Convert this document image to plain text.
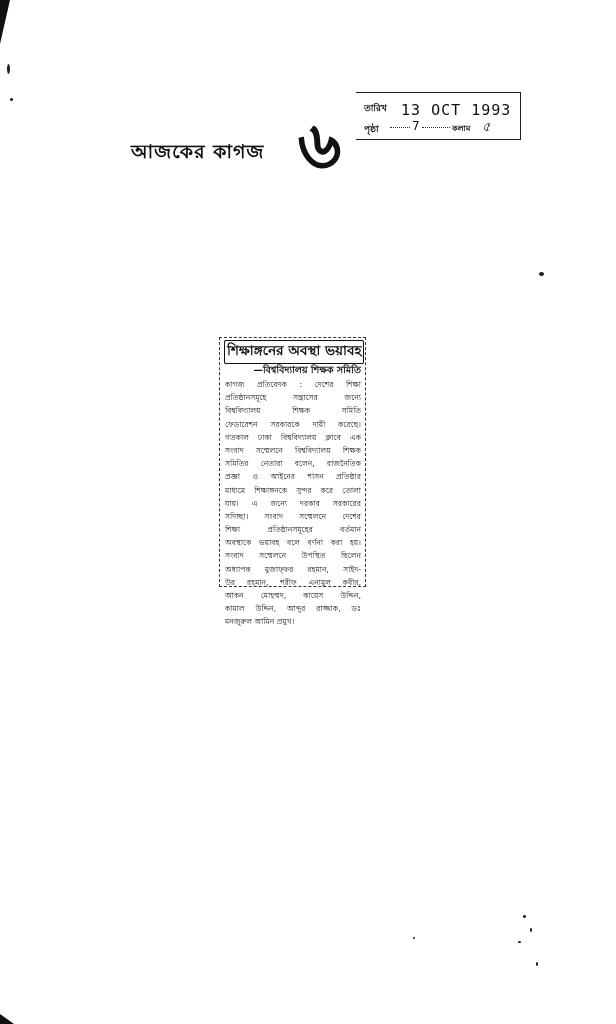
আজকের কাগজ ৬ তারিখ 13 OCT 1993
পৃষ্ঠা	7	কলাম ৫
শিক্ষাঙ্গনের অবস্থা ভয়াবহ
—বিশ্ববিদ্যালয় শিক্ষক সমিতি
কাগজ প্রতিবেদক : দেশের শিক্ষা
প্রতিষ্ঠানসমূহে সন্ত্রাসের জন্যে
বিশ্ববিদ্যালয় শিক্ষক সমিতি
ফেডারেশন সরকারকে দায়ী করেছে।
গতকাল ঢাকা বিশ্ববিদ্যালয় ক্লাবে এক
সংবাদ সম্মেলনে বিশ্ববিদ্যালয় শিক্ষক
সমিতির নেতারা বলেন, রাজনৈতিক
প্রজ্ঞা ও আইনের শাসন প্রতিষ্ঠার
মাধ্যমে শিক্ষাঙ্গনকে সুন্দর করে তোলা
যায়। এ জন্যে দরকার সরকারের
সদিচ্ছা। সংবাদ সম্মেলনে দেশের
শিক্ষা প্রতিষ্ঠানসমূহের বর্তমান
অবস্থাকে ভয়াবহ বলে বর্ণনা করা হয়।
সংবাদ সম্মেলনে উপস্থিত ছিলেন
অধ্যাপক মুজাফ্ফর রহমান, সাইদ-
উর রহমান, শরীফ এনামুল কবীর,
আকন মোহম্মদ, কায়েস উদ্দিন,
কামাল উদ্দিন, আব্দুর রাজ্জাক, ডঃ
মনজুরুল আমিন প্রমুখ।
